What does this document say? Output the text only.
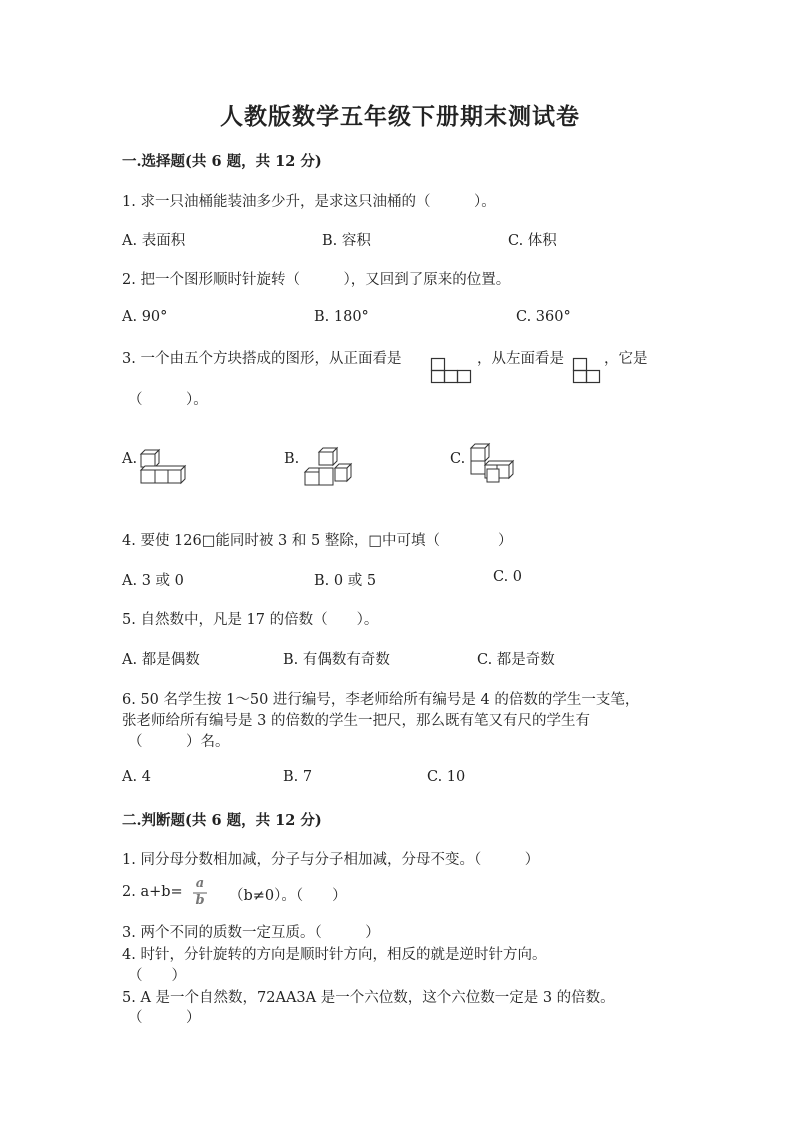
人教版数学五年级下册期末测试卷
一.选择题(共 6 题，共 12 分)
1. 求一只油桶能装油多少升，是求这只油桶的（　　　）。
A. 表面积	B. 容积	C. 体积
2. 把一个图形顺时针旋转（　　　），又回到了原来的位置。
A. 90°	B. 180°	C. 360°
3. 一个由五个方块搭成的图形，从正面看是	，从左面看是	，它是
（　　　）。
A.	B.	C.
4. 要使 126□能同时被 3 和 5 整除，□中可填（　　　　）
A. 3 或 0	B. 0 或 5	C. 0
5. 自然数中，凡是 17 的倍数（　　）。
A. 都是偶数	B. 有偶数有奇数	C. 都是奇数
6. 50 名学生按 1～50 进行编号，李老师给所有编号是 4 的倍数的学生一支笔，
张老师给所有编号是 3 的倍数的学生一把尺，那么既有笔又有尺的学生有
（　　　）名。
A. 4	B. 7	C. 10
二.判断题(共 6 题，共 12 分)
1. 同分母分数相加减，分子与分子相加减，分母不变。（　　　）
2. a+b=
a
b （b≠0）。（　　）
3. 两个不同的质数一定互质。（　　　）
4. 时针，分针旋转的方向是顺时针方向，相反的就是逆时针方向。
（　　）
5. A 是一个自然数，72AA3A 是一个六位数，这个六位数一定是 3 的倍数。
（　　　）
